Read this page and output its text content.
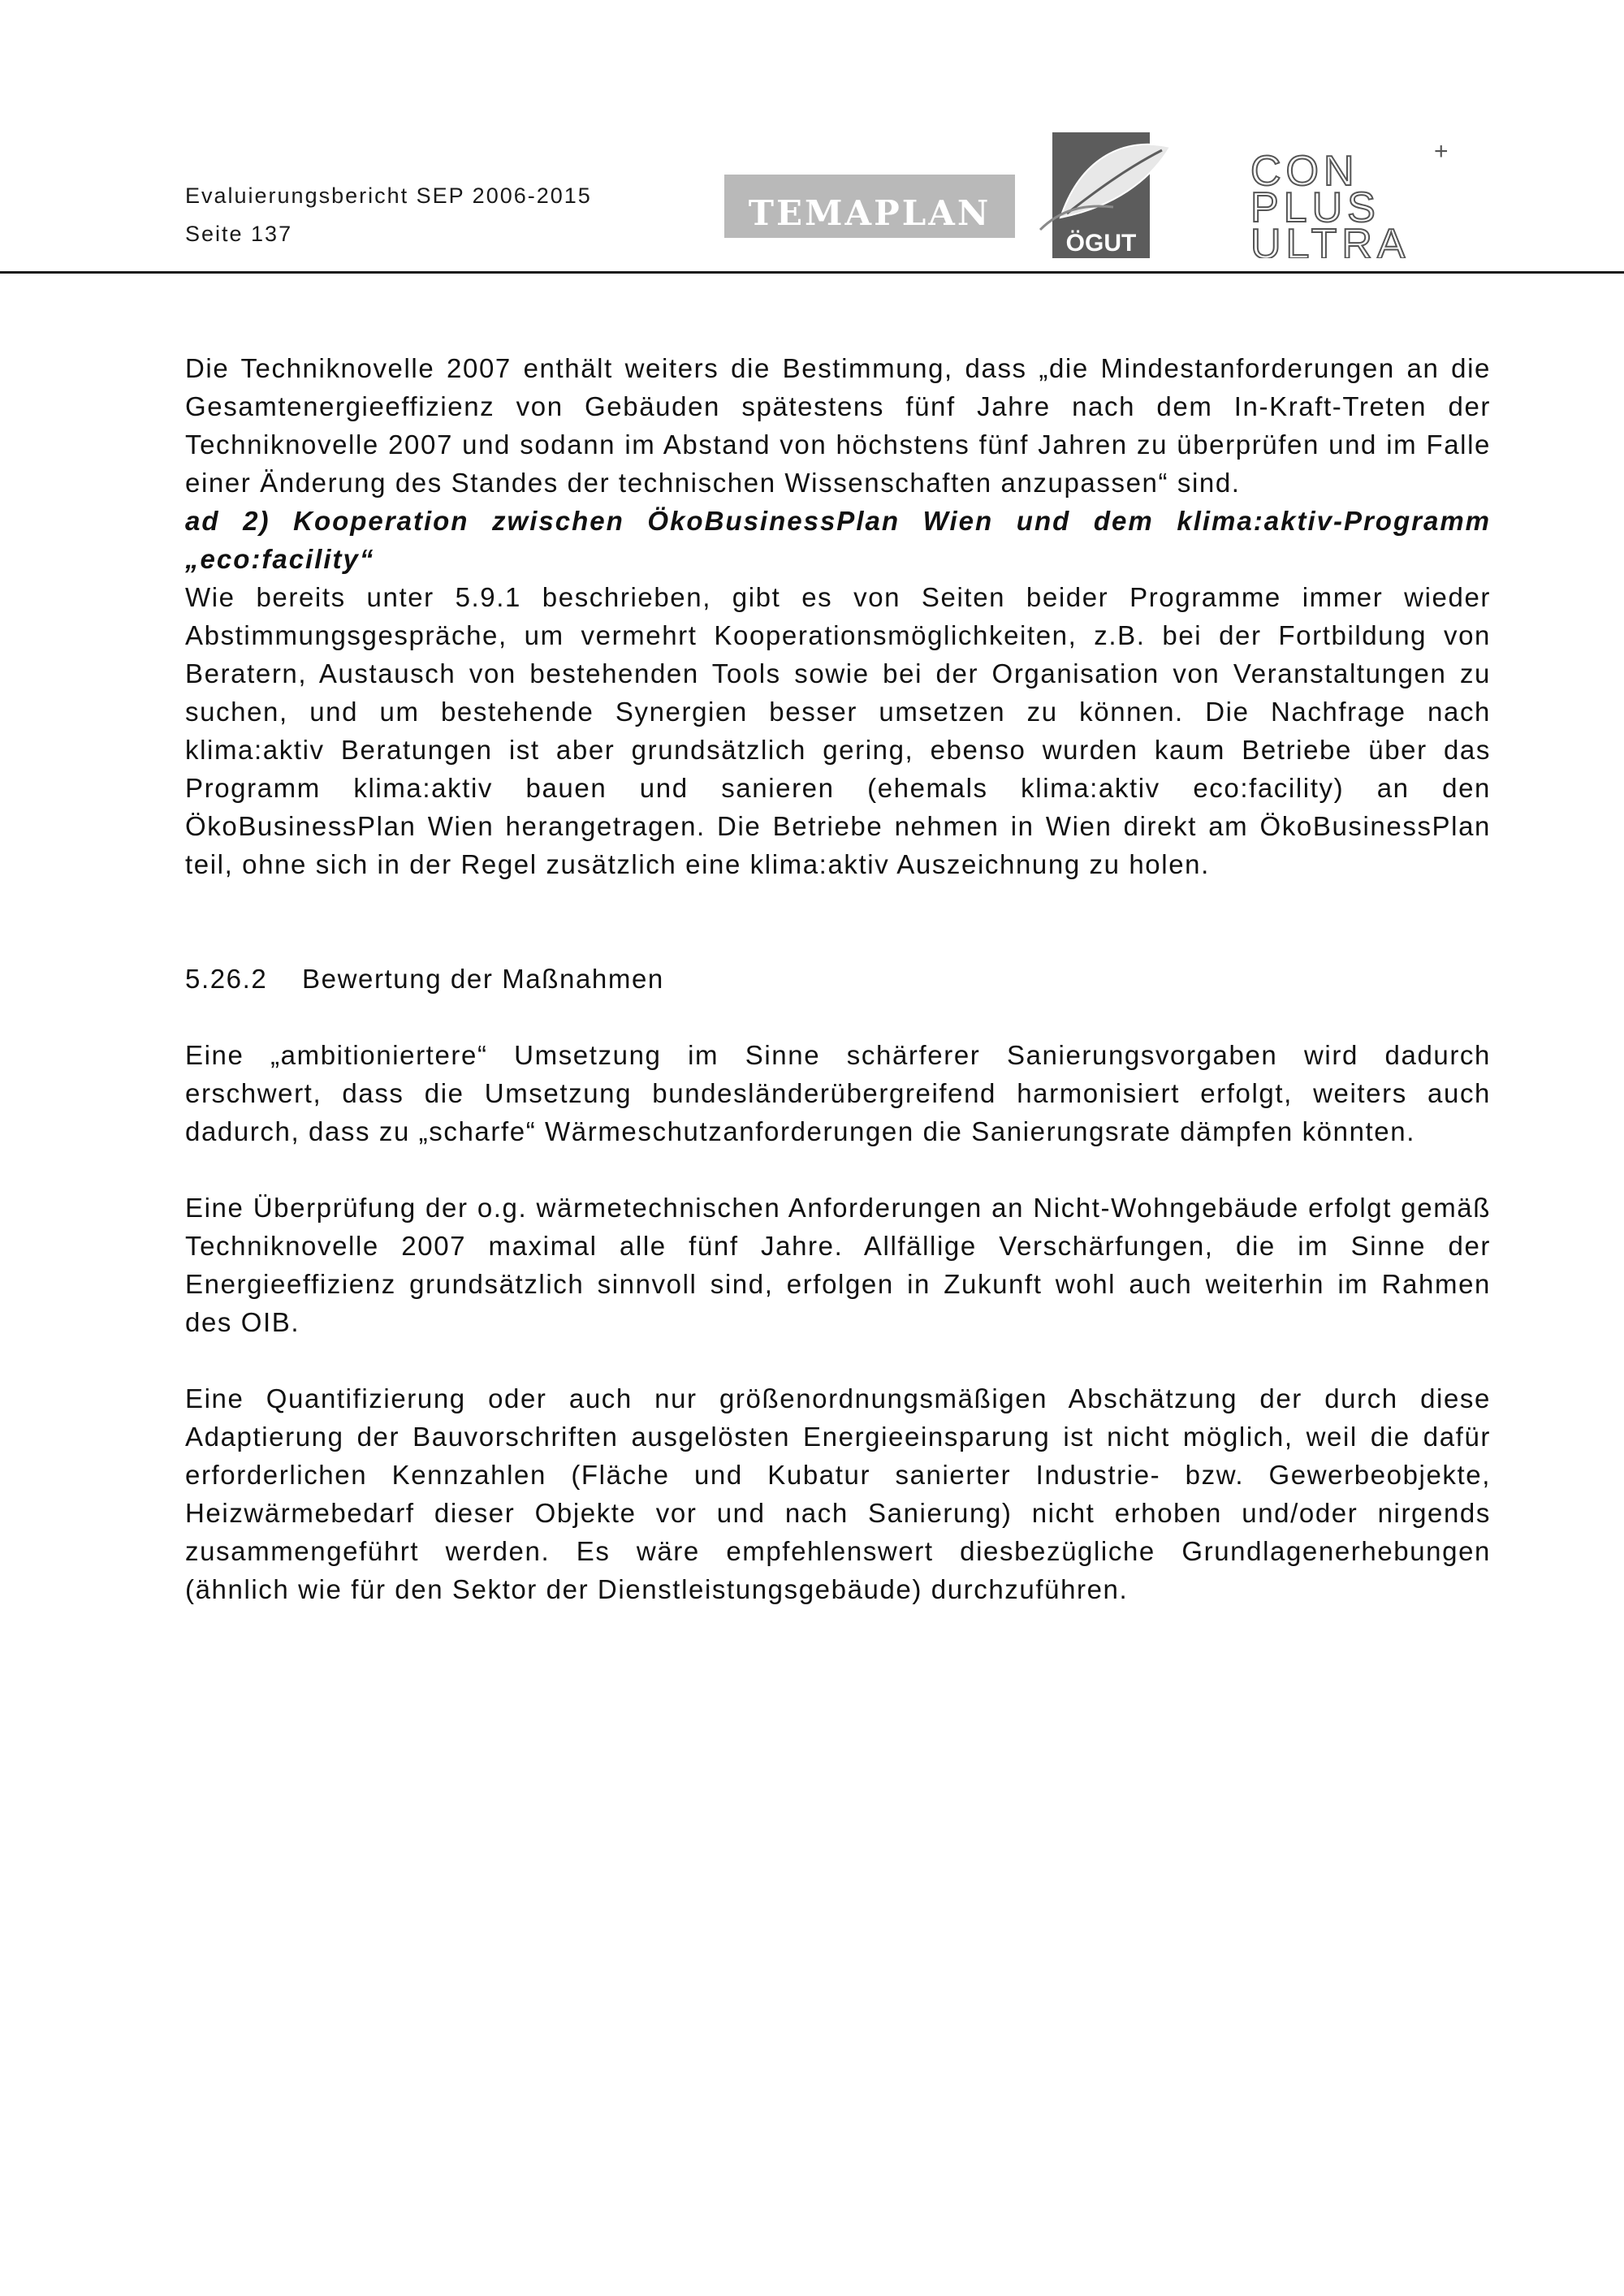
Evaluierungsbericht SEP 2006-2015
Seite 137
TEMAPLAN
ÖGUT
+
CON
PLUS
ULTRA

Die Techniknovelle 2007 enthält weiters die Bestimmung, dass „die Mindestanforderungen an die Gesamtenergieeffizienz von Gebäuden spätestens fünf Jahre nach dem In-Kraft-Treten der Techniknovelle 2007 und sodann im Abstand von höchstens fünf Jahren zu überprüfen und im Falle einer Änderung des Standes der technischen Wissenschaften anzupassen“ sind.

ad 2) Kooperation zwischen ÖkoBusinessPlan Wien und dem klima:aktiv-Programm „eco:facility“

Wie bereits unter 5.9.1 beschrieben, gibt es von Seiten beider Programme immer wieder Abstimmungsgespräche, um vermehrt Kooperationsmöglichkeiten, z.B. bei der Fortbildung von Beratern, Austausch von bestehenden Tools sowie bei der Organisation von Veranstaltungen zu suchen, und um bestehende Synergien besser umsetzen zu können. Die Nachfrage nach klima:aktiv Beratungen ist aber grundsätzlich gering, ebenso wurden kaum Betriebe über das Programm klima:aktiv bauen und sanieren (ehemals klima:aktiv eco:facility) an den ÖkoBusinessPlan Wien herangetragen. Die Betriebe nehmen in Wien direkt am ÖkoBusinessPlan teil, ohne sich in der Regel zusätzlich eine klima:aktiv Auszeichnung zu holen.

5.26.2 Bewertung der Maßnahmen

Eine „ambitioniertere“ Umsetzung im Sinne schärferer Sanierungsvorgaben wird dadurch erschwert, dass die Umsetzung bundesländerübergreifend harmonisiert erfolgt, weiters auch dadurch, dass zu „scharfe“ Wärmeschutzanforderungen die Sanierungsrate dämpfen könnten.

Eine Überprüfung der o.g. wärmetechnischen Anforderungen an Nicht-Wohngebäude erfolgt gemäß Techniknovelle 2007 maximal alle fünf Jahre. Allfällige Verschärfungen, die im Sinne der Energieeffizienz grundsätzlich sinnvoll sind, erfolgen in Zukunft wohl auch weiterhin im Rahmen des OIB.

Eine Quantifizierung oder auch nur größenordnungsmäßigen Abschätzung der durch diese Adaptierung der Bauvorschriften ausgelösten Energieeinsparung ist nicht möglich, weil die dafür erforderlichen Kennzahlen (Fläche und Kubatur sanierter Industrie- bzw. Gewerbeobjekte, Heizwärmebedarf dieser Objekte vor und nach Sanierung) nicht erhoben und/oder nirgends zusammengeführt werden. Es wäre empfehlenswert diesbezügliche Grundlagenerhebungen (ähnlich wie für den Sektor der Dienstleistungsgebäude) durchzuführen.
